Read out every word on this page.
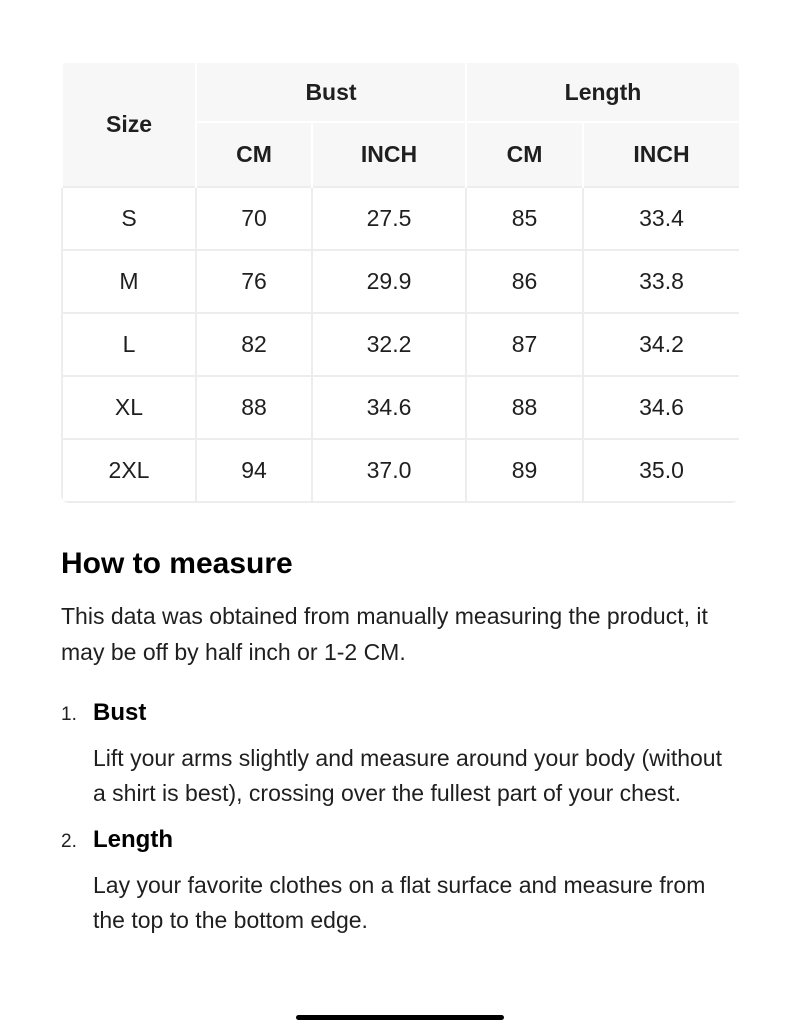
Size	Bust		Length	
	CM	INCH	CM	INCH
S	70	27.5	85	33.4
M	76	29.9	86	33.8
L	82	32.2	87	34.2
XL	88	34.6	88	34.6
2XL	94	37.0	89	35.0
How to measure

This data was obtained from manually measuring the product, it may be off by half inch or 1-2 CM.

1. Bust

Lift your arms slightly and measure around your body (without a shirt is best), crossing over the fullest part of your chest.

2. Length

Lay your favorite clothes on a flat surface and measure from the top to the bottom edge.
